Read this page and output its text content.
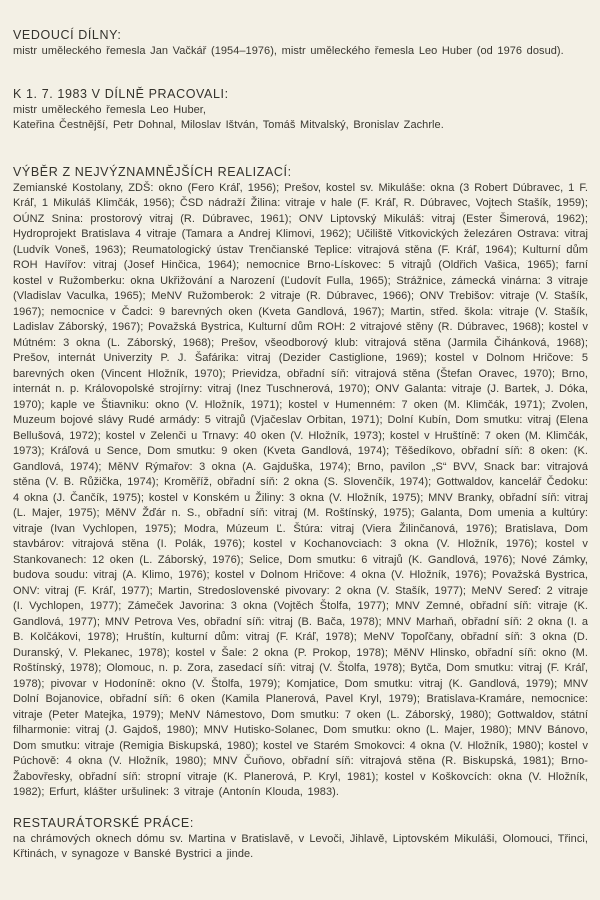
VEDOUCÍ DÍLNY:

mistr uměleckého řemesla Jan Vačkář (1954–1976), mistr uměleckého řemesla Leo Huber (od 1976 dosud).

K 1. 7. 1983 V DÍLNĚ PRACOVALI:
mistr uměleckého řemesla Leo Huber,
Kateřina Čestnější, Petr Dohnal, Miloslav Ištván, Tomáš Mitvalský, Bronislav Zachrle.
VÝBĚR Z NEJVÝZNAMNĚJŠÍCH REALIZACÍ:

Zemianské Kostolany, ZDŠ: okno (Fero Kráľ, 1956); Prešov, kostel sv. Mikuláše: okna (3 Robert Dúbravec, 1 F. Kráľ, 1 Mikuláš Klimčák, 1956); ČSD nádraží Žilina: vitraje v hale (F. Kráľ, R. Dúbravec, Vojtech Stašík, 1959); OÚNZ Snina: prostorový vitraj (R. Dúbravec, 1961); ONV Liptovský Mikuláš: vitraj (Ester Šimerová, 1962); Hydroprojekt Bratislava 4 vitraje (Tamara a Andrej Klimovi, 1962); Učiliště Vitkovických železáren Ostrava: vitraj (Ludvík Voneš, 1963); Reumatologický ústav Trenčianské Teplice: vitrajová stěna (F. Kráľ, 1964); Kulturní dům ROH Havířov: vitraj (Josef Hinčica, 1964); nemocnice Brno-Lískovec: 5 vitrajů (Oldřich Vašica, 1965); farní kostel v Ružomberku: okna Ukřižování a Narození (Ľudovít Fulla, 1965); Strážnice, zámecká vinárna: 3 vitraje (Vladislav Vaculka, 1965); MeNV Ružomberok: 2 vitraje (R. Dúbravec, 1966); ONV Trebišov: vitraje (V. Stašík, 1967); nemocnice v Čadci: 9 barevných oken (Kveta Gandlová, 1967); Martin, střed. škola: vitraje (V. Stašík, Ladislav Záborský, 1967); Považská Bystrica, Kulturní dům ROH: 2 vitrajové stěny (R. Dúbravec, 1968); kostel v Mútném: 3 okna (L. Záborský, 1968); Prešov, všeodborový klub: vitrajová stěna (Jarmila Čihánková, 1968); Prešov, internát Univerzity P. J. Šafárika: vitraj (Dezider Castiglione, 1969); kostel v Dolnom Hričove: 5 barevných oken (Vincent Hložník, 1970); Prievidza, obřadní síň: vitrajová stěna (Štefan Oravec, 1970); Brno, internát n. p. Královopolské strojírny: vitraj (Inez Tuschnerová, 1970); ONV Galanta: vitraje (J. Bartek, J. Dóka, 1970); kaple ve Štiavniku: okno (V. Hložník, 1971); kostel v Humenném: 7 oken (M. Klimčák, 1971); Zvolen, Muzeum bojové slávy Rudé armády: 5 vitrajů (Vjačeslav Orbitan, 1971); Dolní Kubín, Dom smutku: vitraj (Elena Bellušová, 1972); kostel v Zelenči u Trnavy: 40 oken (V. Hložník, 1973); kostel v Hruštíně: 7 oken (M. Klimčák, 1973); Kráľová u Sence, Dom smutku: 9 oken (Kveta Gandlová, 1974); Těšedíkovo, obřadní síň: 8 oken: (K. Gandlová, 1974); MěNV Rýmařov: 3 okna (A. Gajduška, 1974); Brno, pavilon „S“ BVV, Snack bar: vitrajová stěna (V. B. Růžička, 1974); Kroměříž, obřadní síň: 2 okna (S. Slovenčík, 1974); Gottwaldov, kancelář Čedoku: 4 okna (J. Čančík, 1975); kostel v Konském u Žiliny: 3 okna (V. Hložník, 1975); MNV Branky, obřadní síň: vitraj (L. Majer, 1975); MěNV Žďár n. S., obřadní síň: vitraj (M. Roštínský, 1975); Galanta, Dom umenia a kultúry: vitraje (Ivan Vychlopen, 1975); Modra, Múzeum Ľ. Štúra: vitraj (Viera Žilinčanová, 1976); Bratislava, Dom stavbárov: vitrajová stěna (I. Polák, 1976); kostel v Kochanovciach: 3 okna (V. Hložník, 1976); kostel v Stankovanech: 12 oken (L. Záborský, 1976); Selice, Dom smutku: 6 vitrajů (K. Gandlová, 1976); Nové Zámky, budova soudu: vitraj (A. Klimo, 1976); kostel v Dolnom Hričove: 4 okna (V. Hložník, 1976); Považská Bystrica, ONV: vitraj (F. Kráľ, 1977); Martin, Stredoslovenské pivovary: 2 okna (V. Stašík, 1977); MeNV Sereď: 2 vitraje (I. Vychlopen, 1977); Zámeček Javorina: 3 okna (Vojtěch Štolfa, 1977); MNV Zemné, obřadní síň: vitraje (K. Gandlová, 1977); MNV Petrova Ves, obřadní síň: vitraj (B. Bača, 1978); MNV Marhaň, obřadní síň: 2 okna (I. a B. Kolčákovi, 1978); Hruštín, kulturní dům: vitraj (F. Kráľ, 1978); MeNV Topoľčany, obřadní síň: 3 okna (D. Duranský, V. Plekanec, 1978); kostel v Šale: 2 okna (P. Prokop, 1978); MěNV Hlinsko, obřadní síň: okno (M. Roštínský, 1978); Olomouc, n. p. Zora, zasedací síň: vitraj (V. Štolfa, 1978); Bytča, Dom smutku: vitraj (F. Kráľ, 1978); pivovar v Hodoníně: okno (V. Štolfa, 1979); Komjatice, Dom smutku: vitraj (K. Gandlová, 1979); MNV Dolní Bojanovice, obřadní síň: 6 oken (Kamila Planerová, Pavel Kryl, 1979); Bratislava-Kramáre, nemocnice: vitraje (Peter Matejka, 1979); MeNV Námestovo, Dom smutku: 7 oken (L. Záborský, 1980); Gottwaldov, státní filharmonie: vitraj (J. Gajdoš, 1980); MNV Hutisko-Solanec, Dom smutku: okno (L. Majer, 1980); MNV Bánovo, Dom smutku: vitraje (Remigia Biskupská, 1980); kostel ve Starém Smokovci: 4 okna (V. Hložník, 1980); kostel v Púchově: 4 okna (V. Hložník, 1980); MNV Čuňovo, obřadní síň: vitrajová stěna (R. Biskupská, 1981); Brno-Žabovřesky, obřadní síň: stropní vitraje (K. Planerová, P. Kryl, 1981); kostel v Koškovcích: okna (V. Hložník, 1982); Erfurt, klášter uršulinek: 3 vitraje (Antonín Klouda, 1983).

RESTAURÁTORSKÉ PRÁCE:

na chrámových oknech dómu sv. Martina v Bratislavě, v Levoči, Jihlavě, Liptovském Mikuláši, Olomouci, Třinci, Křtinách, v synagoze v Banské Bystrici a jinde.
